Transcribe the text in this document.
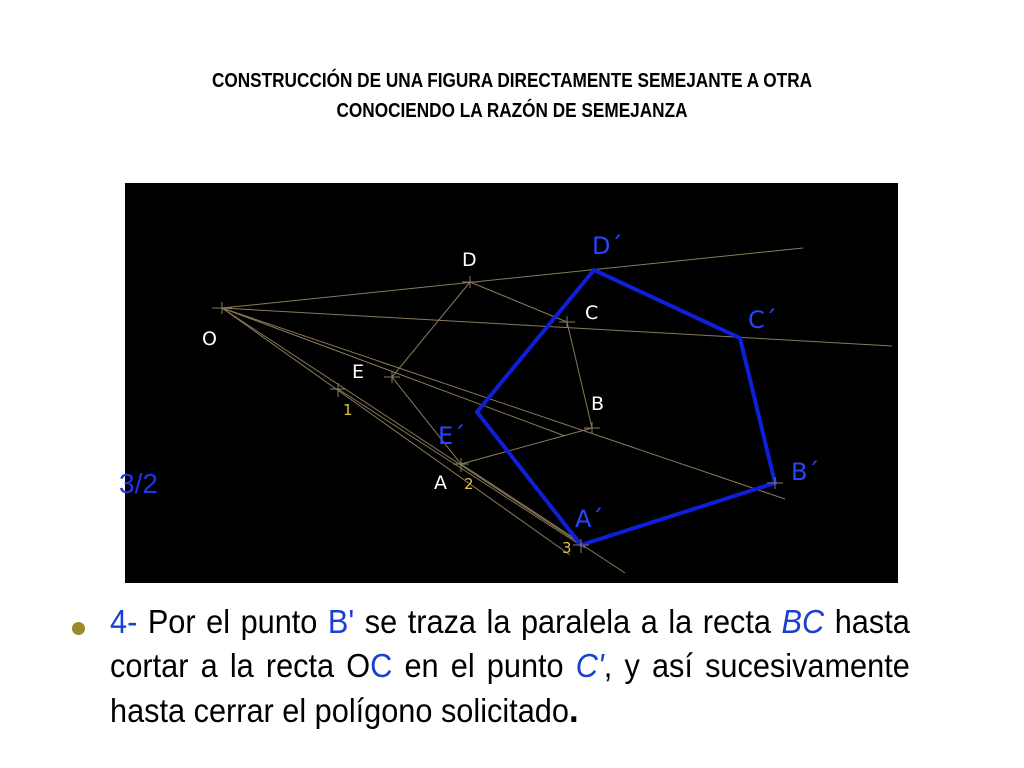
CONSTRUCCIÓN DE UNA FIGURA DIRECTAMENTE SEMEJANTE A OTRA
CONOCIENDO LA RAZÓN DE SEMEJANZA
O
A
B
C
D
E
A´
B´
C´
D´
E´
1
2
3
3/2
4- Por el punto B' se traza la paralela a la recta BC hasta cortar a la recta OC en el punto C', y así sucesivamente hasta cerrar el polígono solicitado.
